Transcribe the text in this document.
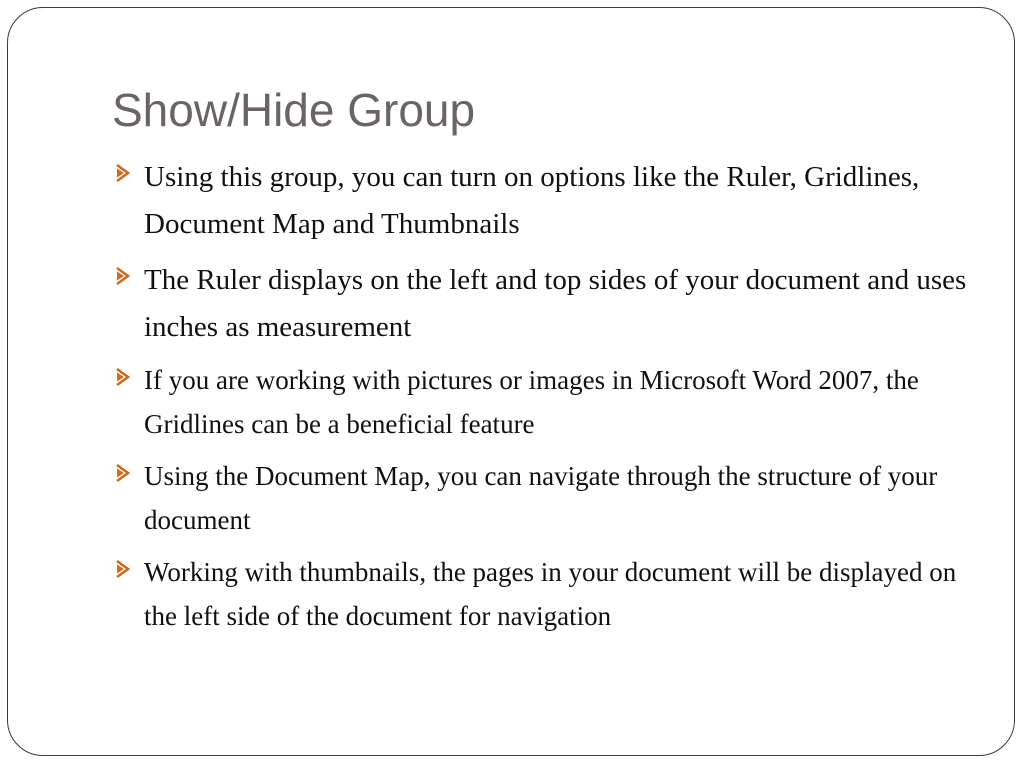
Show/Hide Group
Using this group, you can turn on options like the Ruler, Gridlines, Document Map and Thumbnails
The Ruler displays on the left and top sides of your document and uses inches as measurement
If you are working with pictures or images in Microsoft Word 2007, the Gridlines can be a beneficial feature
Using the Document Map, you can navigate through the structure of your document
Working with thumbnails, the pages in your document will be displayed on the left side of the document for navigation
